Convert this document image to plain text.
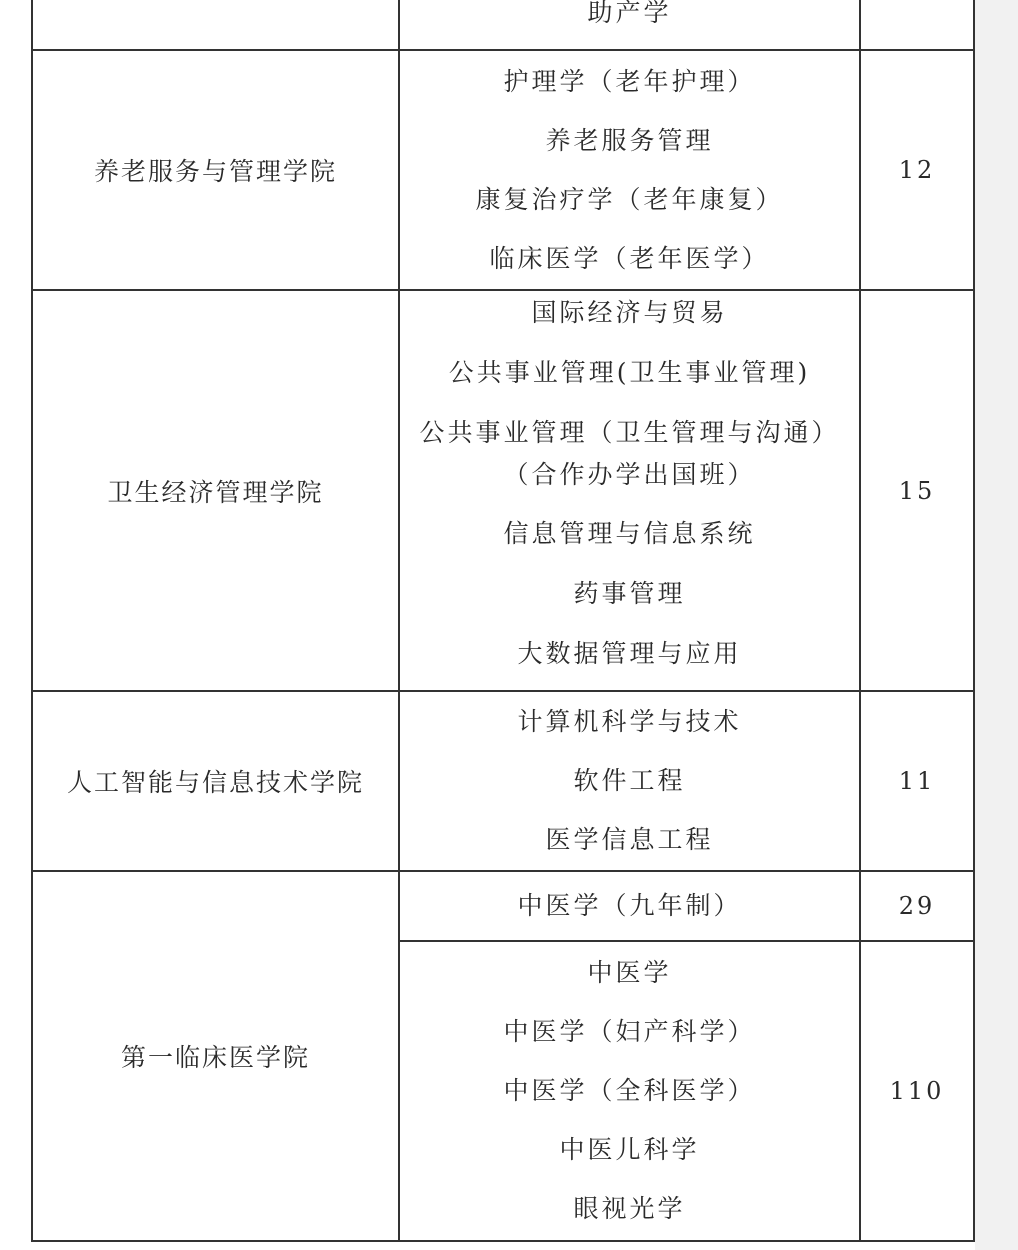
助产学
养老服务与管理学院
护理学（老年护理）
养老服务管理
康复治疗学（老年康复）
临床医学（老年医学）
12
卫生经济管理学院	15
国际经济与贸易
公共事业管理(卫生事业管理)
公共事业管理（卫生管理与沟通）
（合作办学出国班）
信息管理与信息系统
药事管理
大数据管理与应用
人工智能与信息技术学院
计算机科学与技术
软件工程
医学信息工程
11
第一临床医学院
中医学（九年制）	29
中医学
中医学（妇产科学）
中医学（全科医学）
中医儿科学
眼视光学
110
